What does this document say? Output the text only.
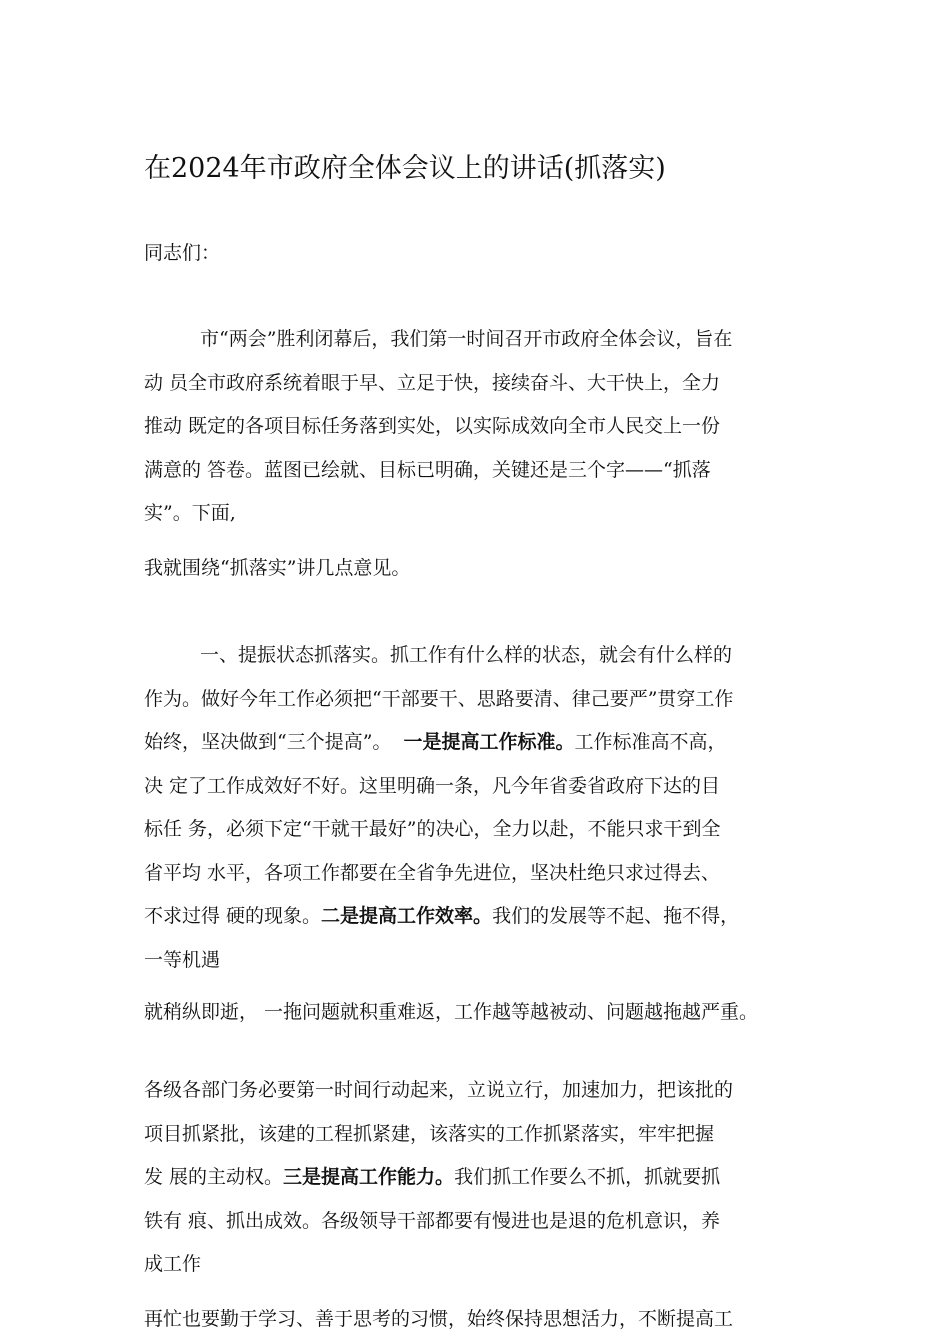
在2024年市政府全体会议上的讲话(抓落实)
同志们：
市“两会”胜利闭幕后，我们第一时间召开市政府全体会议，旨在
动 员全市政府系统着眼于早、立足于快，接续奋斗、大干快上，全力
推动 既定的各项目标任务落到实处，以实际成效向全市人民交上一份
满意的 答卷。蓝图已绘就、目标已明确，关键还是三个字——“抓落
实”。下面,
我就围绕“抓落实”讲几点意见。
一、提振状态抓落实。抓工作有什么样的状态，就会有什么样的
作为。做好今年工作必须把“干部要干、思路要清、律己要严”贯穿工作
始终，坚决做到“三个提高”。  一是提高工作标准。工作标准高不高，
决 定了工作成效好不好。这里明确一条，凡今年省委省政府下达的目
标任 务，必须下定“干就干最好”的决心，全力以赴，不能只求干到全
省平均 水平，各项工作都要在全省争先进位，坚决杜绝只求过得去、
不求过得 硬的现象。二是提高工作效率。我们的发展等不起、拖不得，
一等机遇
就稍纵即逝， 一拖问题就积重难返，工作越等越被动、问题越拖越严重。
各级各部门务必要第一时间行动起来，立说立行，加速加力，把该批的
项目抓紧批，该建的工程抓紧建，该落实的工作抓紧落实，牢牢把握
发 展的主动权。三是提高工作能力。我们抓工作要么不抓，抓就要抓
铁有 痕、抓出成效。各级领导干部都要有慢进也是退的危机意识，养
成工作
再忙也要勤于学习、善于思考的习惯，始终保持思想活力，不断提高工
